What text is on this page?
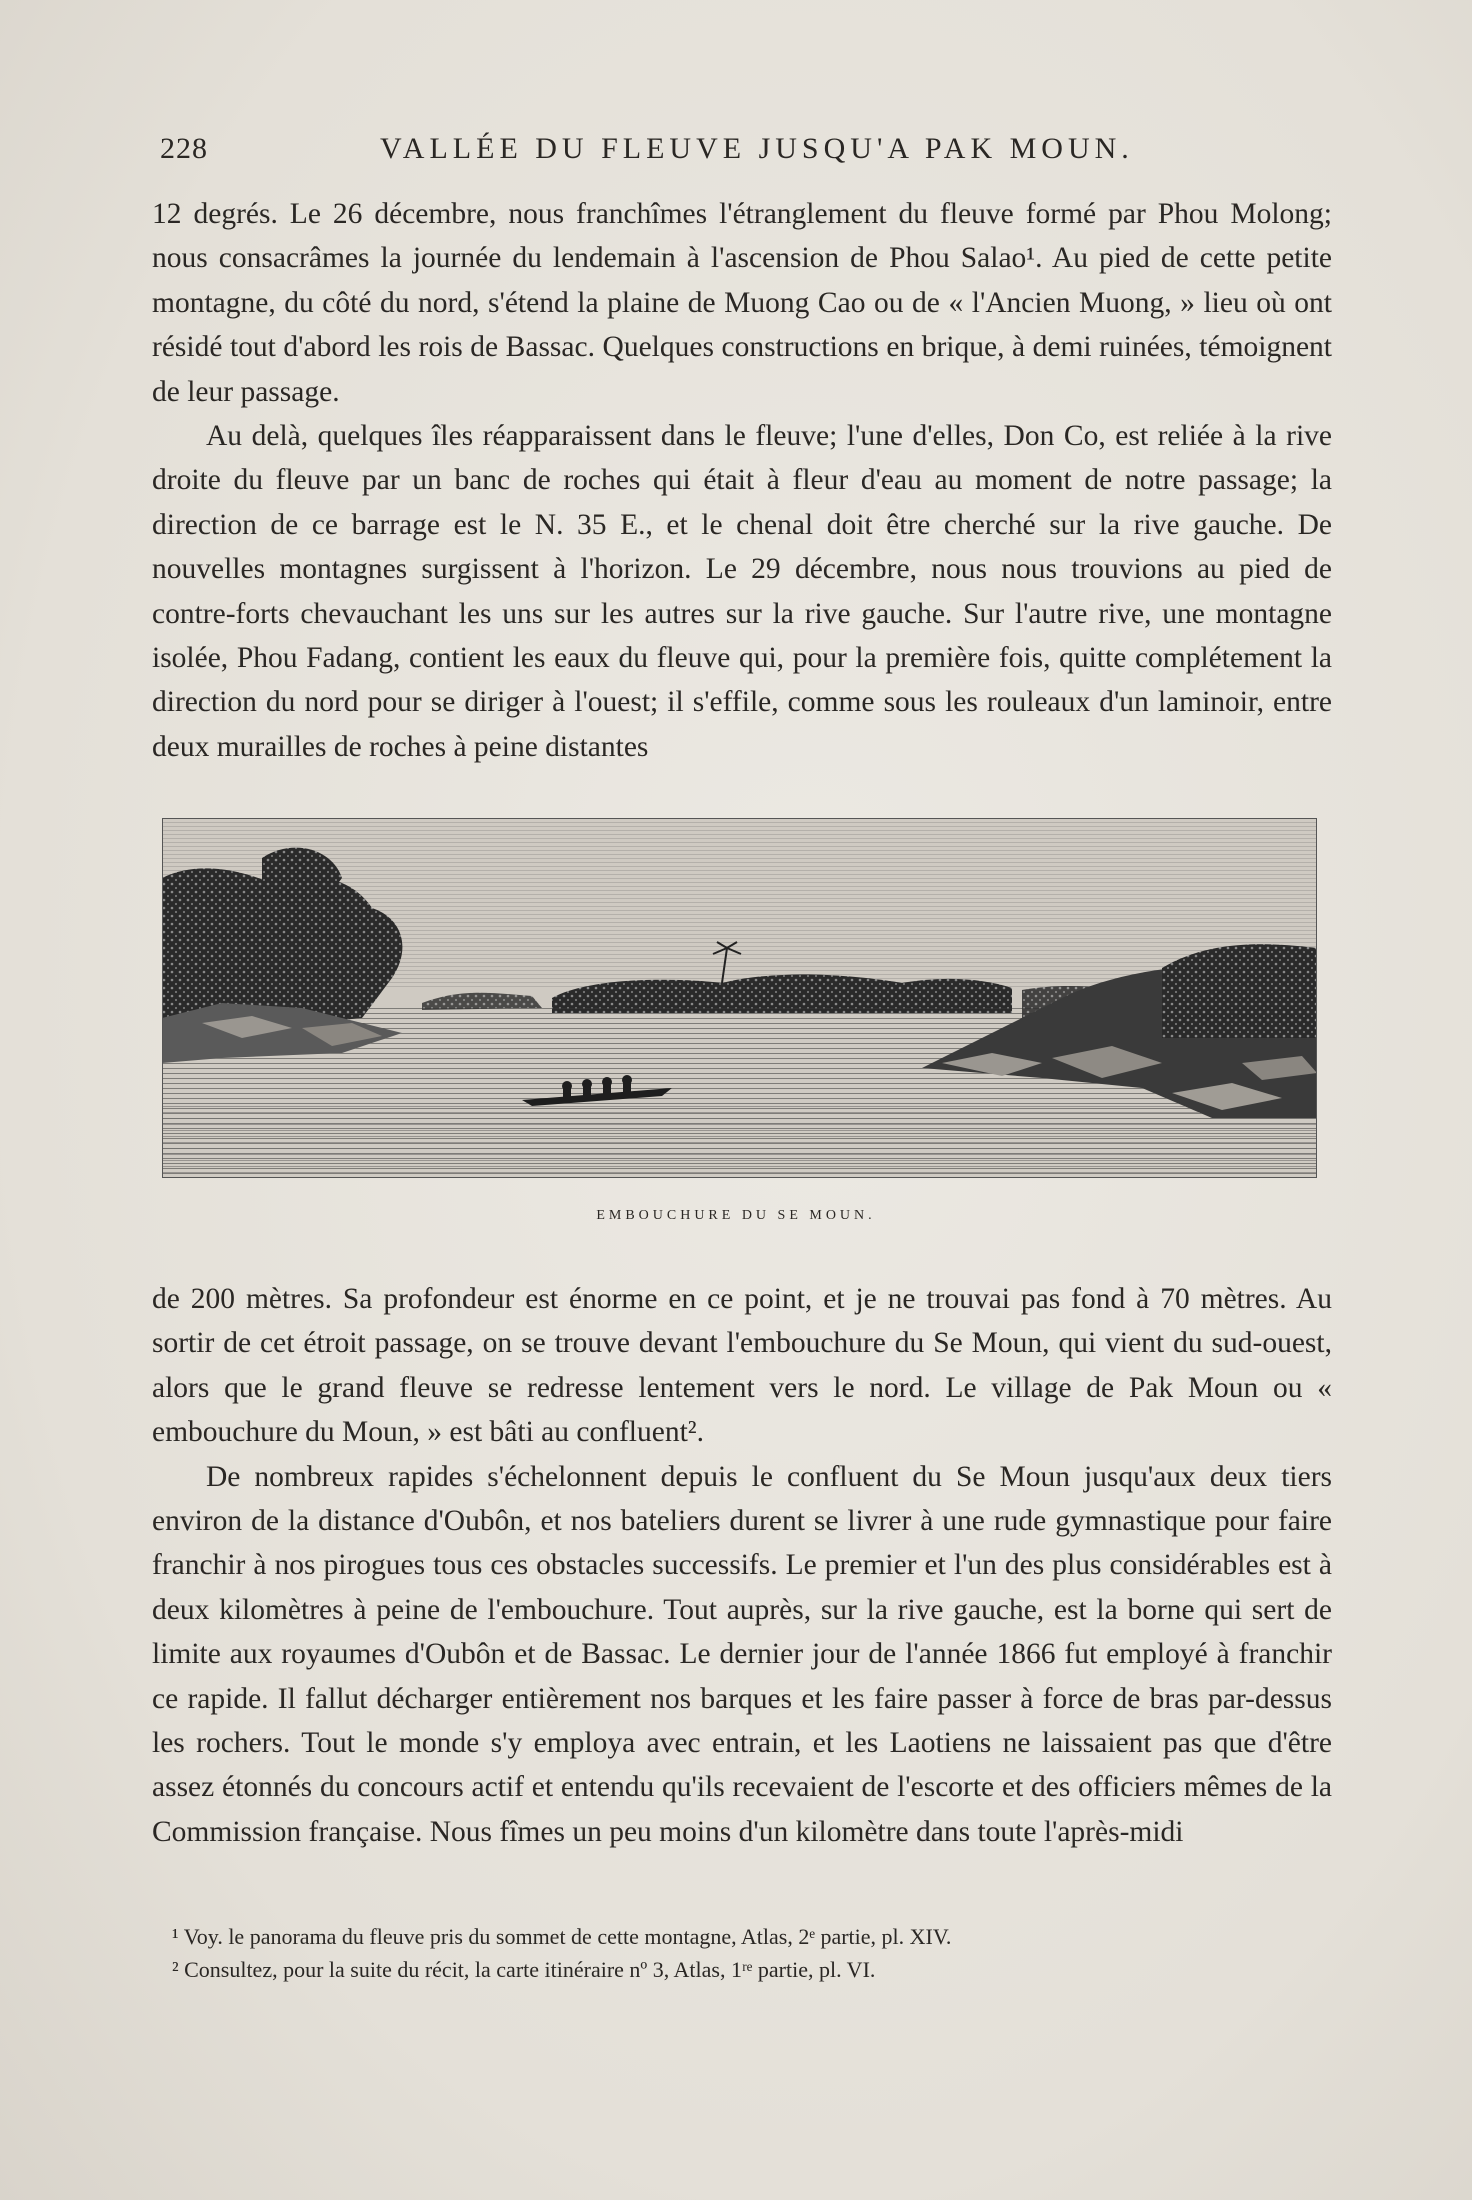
228	VALLÉE DU FLEUVE JUSQU'A PAK MOUN.

12 degrés. Le 26 décembre, nous franchîmes l'étranglement du fleuve formé par Phou Molong; nous consacrâmes la journée du lendemain à l'ascension de Phou Salao¹. Au pied de cette petite montagne, du côté du nord, s'étend la plaine de Muong Cao ou de « l'Ancien Muong, » lieu où ont résidé tout d'abord les rois de Bassac. Quelques constructions en brique, à demi ruinées, témoignent de leur passage.

Au delà, quelques îles réapparaissent dans le fleuve; l'une d'elles, Don Co, est reliée à la rive droite du fleuve par un banc de roches qui était à fleur d'eau au moment de notre passage; la direction de ce barrage est le N. 35 E., et le chenal doit être cherché sur la rive gauche. De nouvelles montagnes surgissent à l'horizon. Le 29 décembre, nous nous trouvions au pied de contre-forts chevauchant les uns sur les autres sur la rive gauche. Sur l'autre rive, une montagne isolée, Phou Fadang, contient les eaux du fleuve qui, pour la première fois, quitte complétement la direction du nord pour se diriger à l'ouest; il s'effile, comme sous les rouleaux d'un laminoir, entre deux murailles de roches à peine distantes

EMBOUCHURE DU SE MOUN.

de 200 mètres. Sa profondeur est énorme en ce point, et je ne trouvai pas fond à 70 mètres. Au sortir de cet étroit passage, on se trouve devant l'embouchure du Se Moun, qui vient du sud-ouest, alors que le grand fleuve se redresse lentement vers le nord. Le village de Pak Moun ou « embouchure du Moun, » est bâti au confluent².

De nombreux rapides s'échelonnent depuis le confluent du Se Moun jusqu'aux deux tiers environ de la distance d'Oubôn, et nos bateliers durent se livrer à une rude gymnastique pour faire franchir à nos pirogues tous ces obstacles successifs. Le premier et l'un des plus considérables est à deux kilomètres à peine de l'embouchure. Tout auprès, sur la rive gauche, est la borne qui sert de limite aux royaumes d'Oubôn et de Bassac. Le dernier jour de l'année 1866 fut employé à franchir ce rapide. Il fallut décharger entièrement nos barques et les faire passer à force de bras par-dessus les rochers. Tout le monde s'y employa avec entrain, et les Laotiens ne laissaient pas que d'être assez étonnés du concours actif et entendu qu'ils recevaient de l'escorte et des officiers mêmes de la Commission française. Nous fîmes un peu moins d'un kilomètre dans toute l'après-midi

¹ Voy. le panorama du fleuve pris du sommet de cette montagne, Atlas, 2ᵉ partie, pl. XIV.

² Consultez, pour la suite du récit, la carte itinéraire nº 3, Atlas, 1ʳᵉ partie, pl. VI.
